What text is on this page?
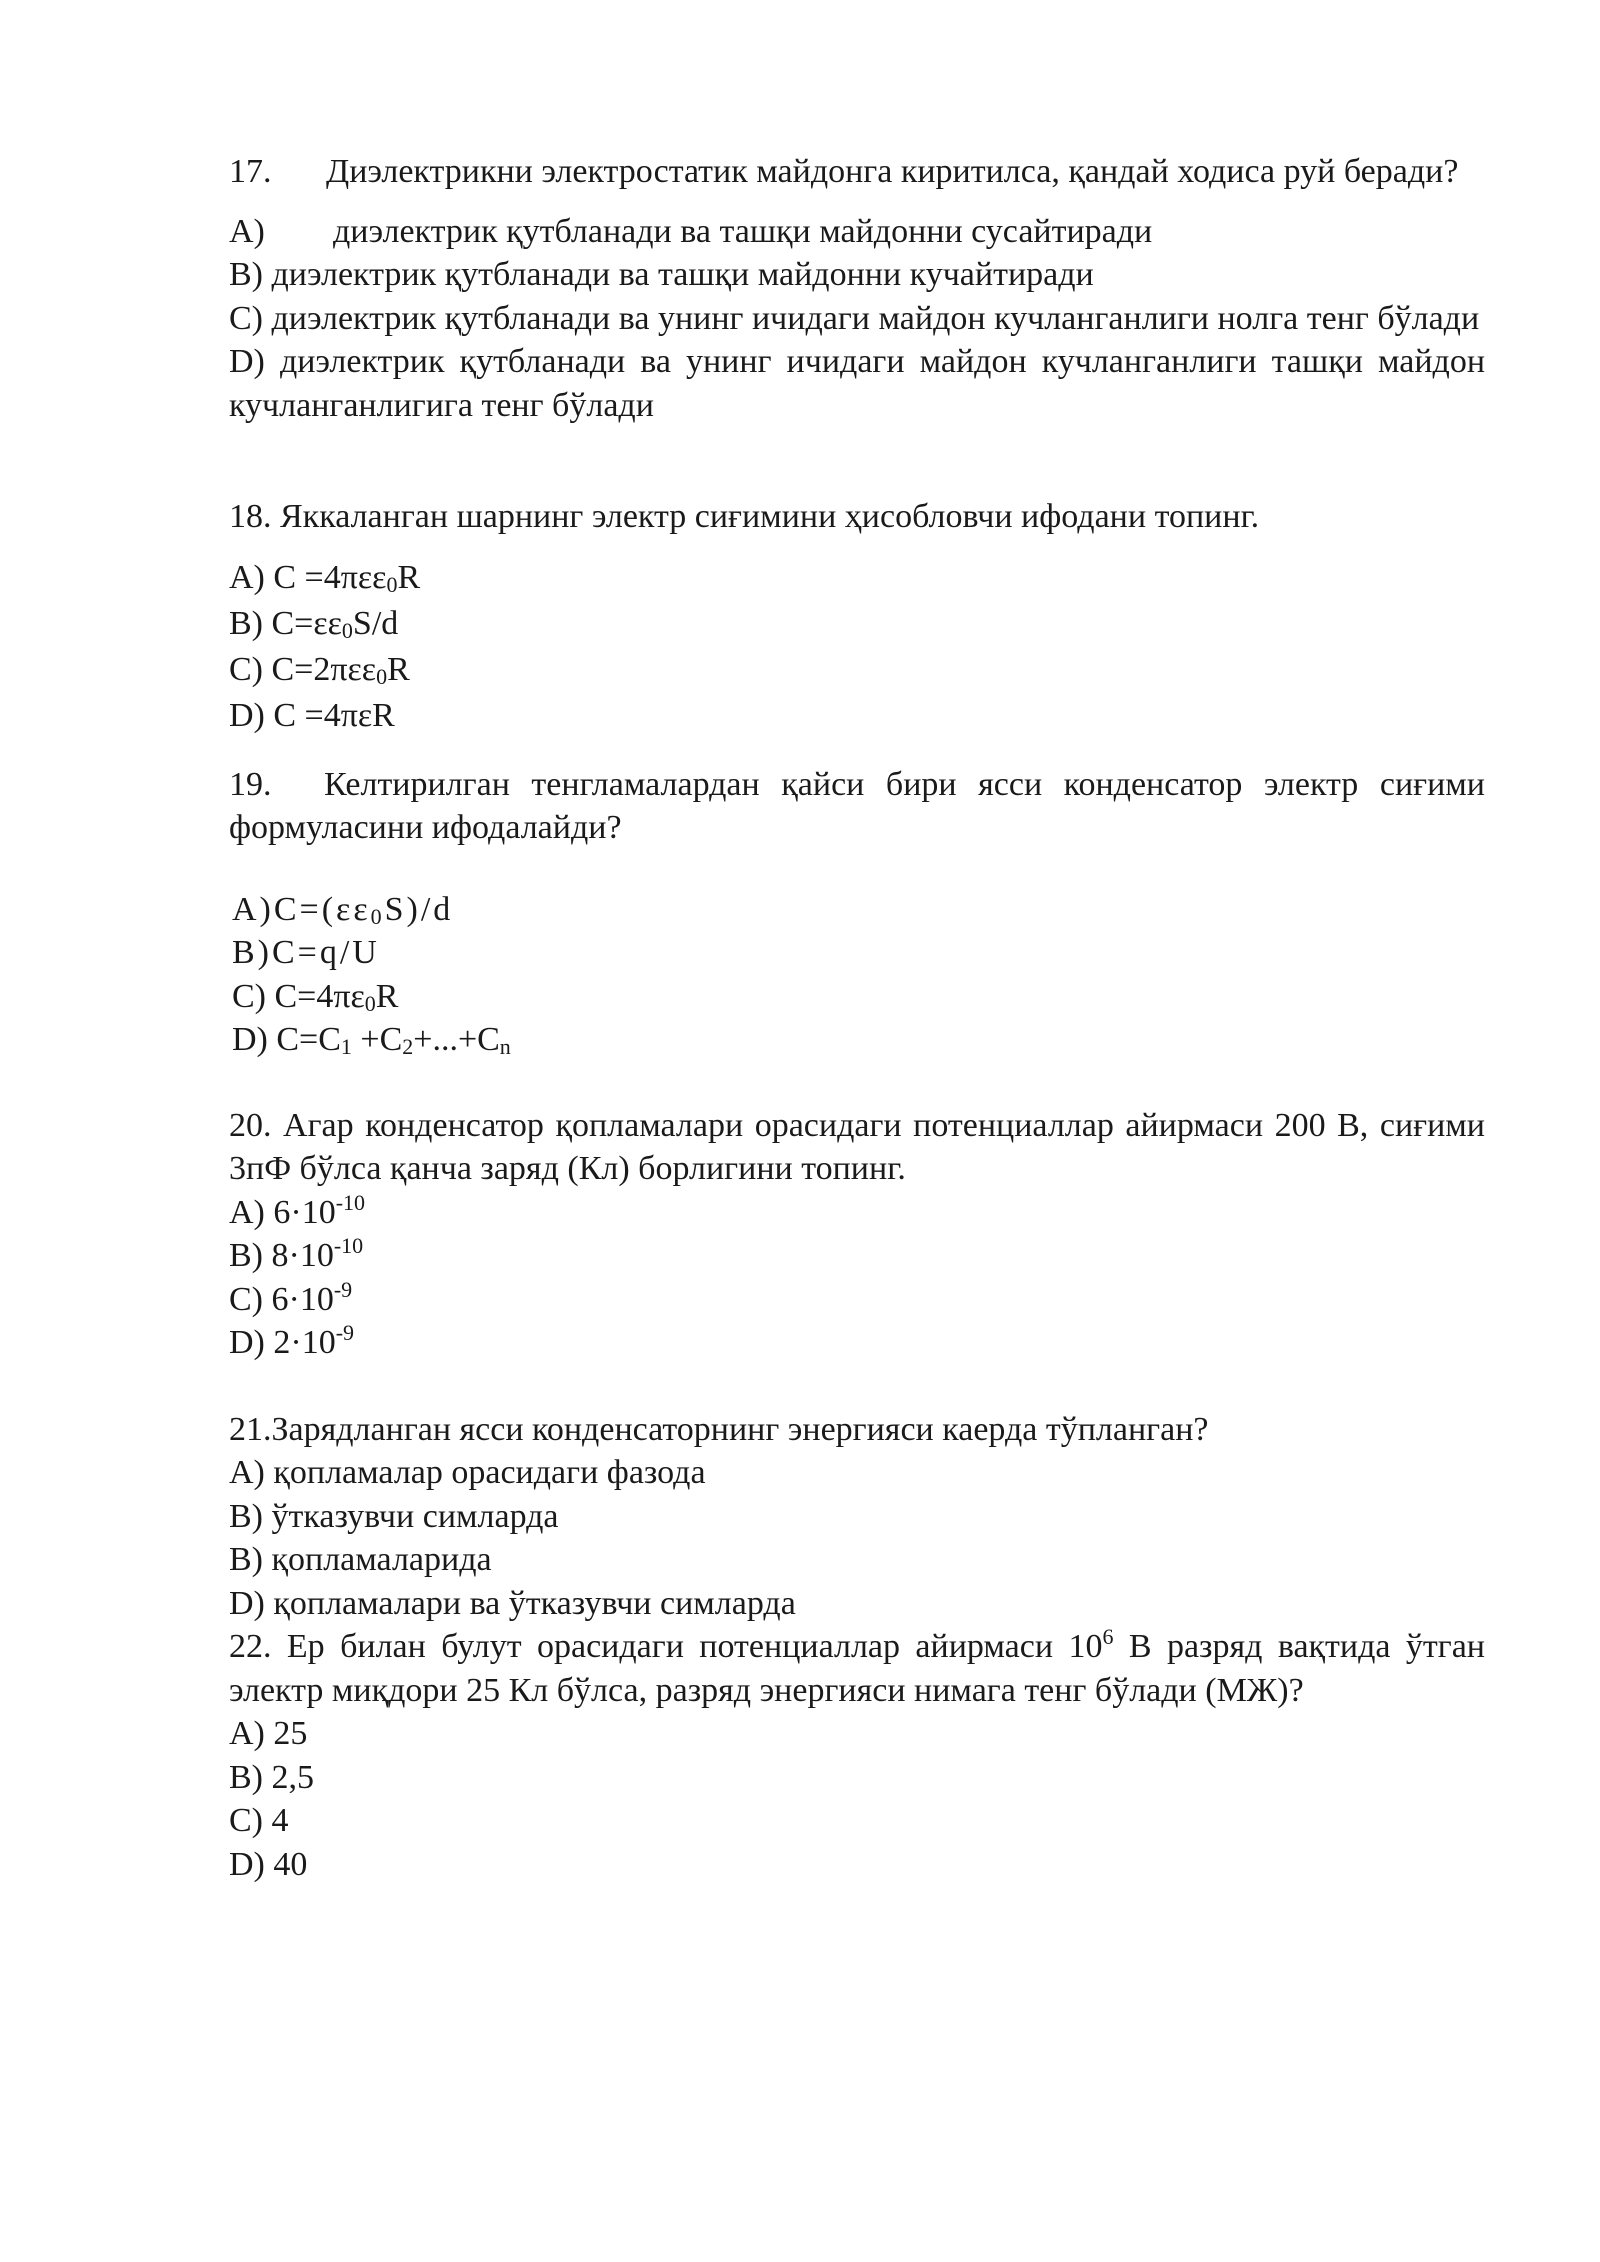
17. Диэлектрикни электростатик майдонга киритилса, қандай ходиса руй беради?

A) диэлектрик қутбланади ва ташқи майдонни сусайтиради

B) диэлектрик қутбланади ва ташқи майдонни кучайтиради

C) диэлектрик қутбланади ва унинг ичидаги майдон кучланганлиги нолга тенг бўлади

D) диэлектрик қутбланади ва унинг ичидаги майдон кучланганлиги ташқи майдон кучланганлигига тенг бўлади

18. Яккаланган шарнинг электр сиғимини ҳисобловчи ифодани топинг.

A) C =4πεε$_0$R

B) $C=\varepsilon\varepsilon_0S/d$

C) C=2πεε$_0$R

D) C =4πεR

19. Келтирилган тенгламалардан қайси бири ясси конденсатор электр сиғими формуласини ифодалайди?

$A)C=(\varepsilon\varepsilon_0S)/d$

B)C=q/U

C) $C=4\pi\varepsilon_0R$

D) $C=C_1 +C_2+...+C_n$

20. Агар конденсатор қопламалари орасидаги потенциаллар айирмаси 200 В, сиғими 3пФ бўлса қанча заряд (Кл) борлигини топинг.

A) $6\cdot 10^{-10}$

B) $8\cdot 10^{-10}$

C) $6\cdot 10^{-9}$

D) $2\cdot 10^{-9}$

21.Зарядланган ясси конденсаторнинг энергияси каерда тўпланган?

A) қопламалар орасидаги фазода

B) ўтказувчи симларда

B) қопламаларида

D) қопламалари ва ўтказувчи симларда

22. Ер билан булут орасидаги потенциаллар айирмаси $10^6$ В разряд вақтида ўтган электр миқдори 25 Кл бўлса, разряд энергияси нимага тенг бўлади (МЖ)?

A) 25

B) 2,5

C) 4

D) 40
